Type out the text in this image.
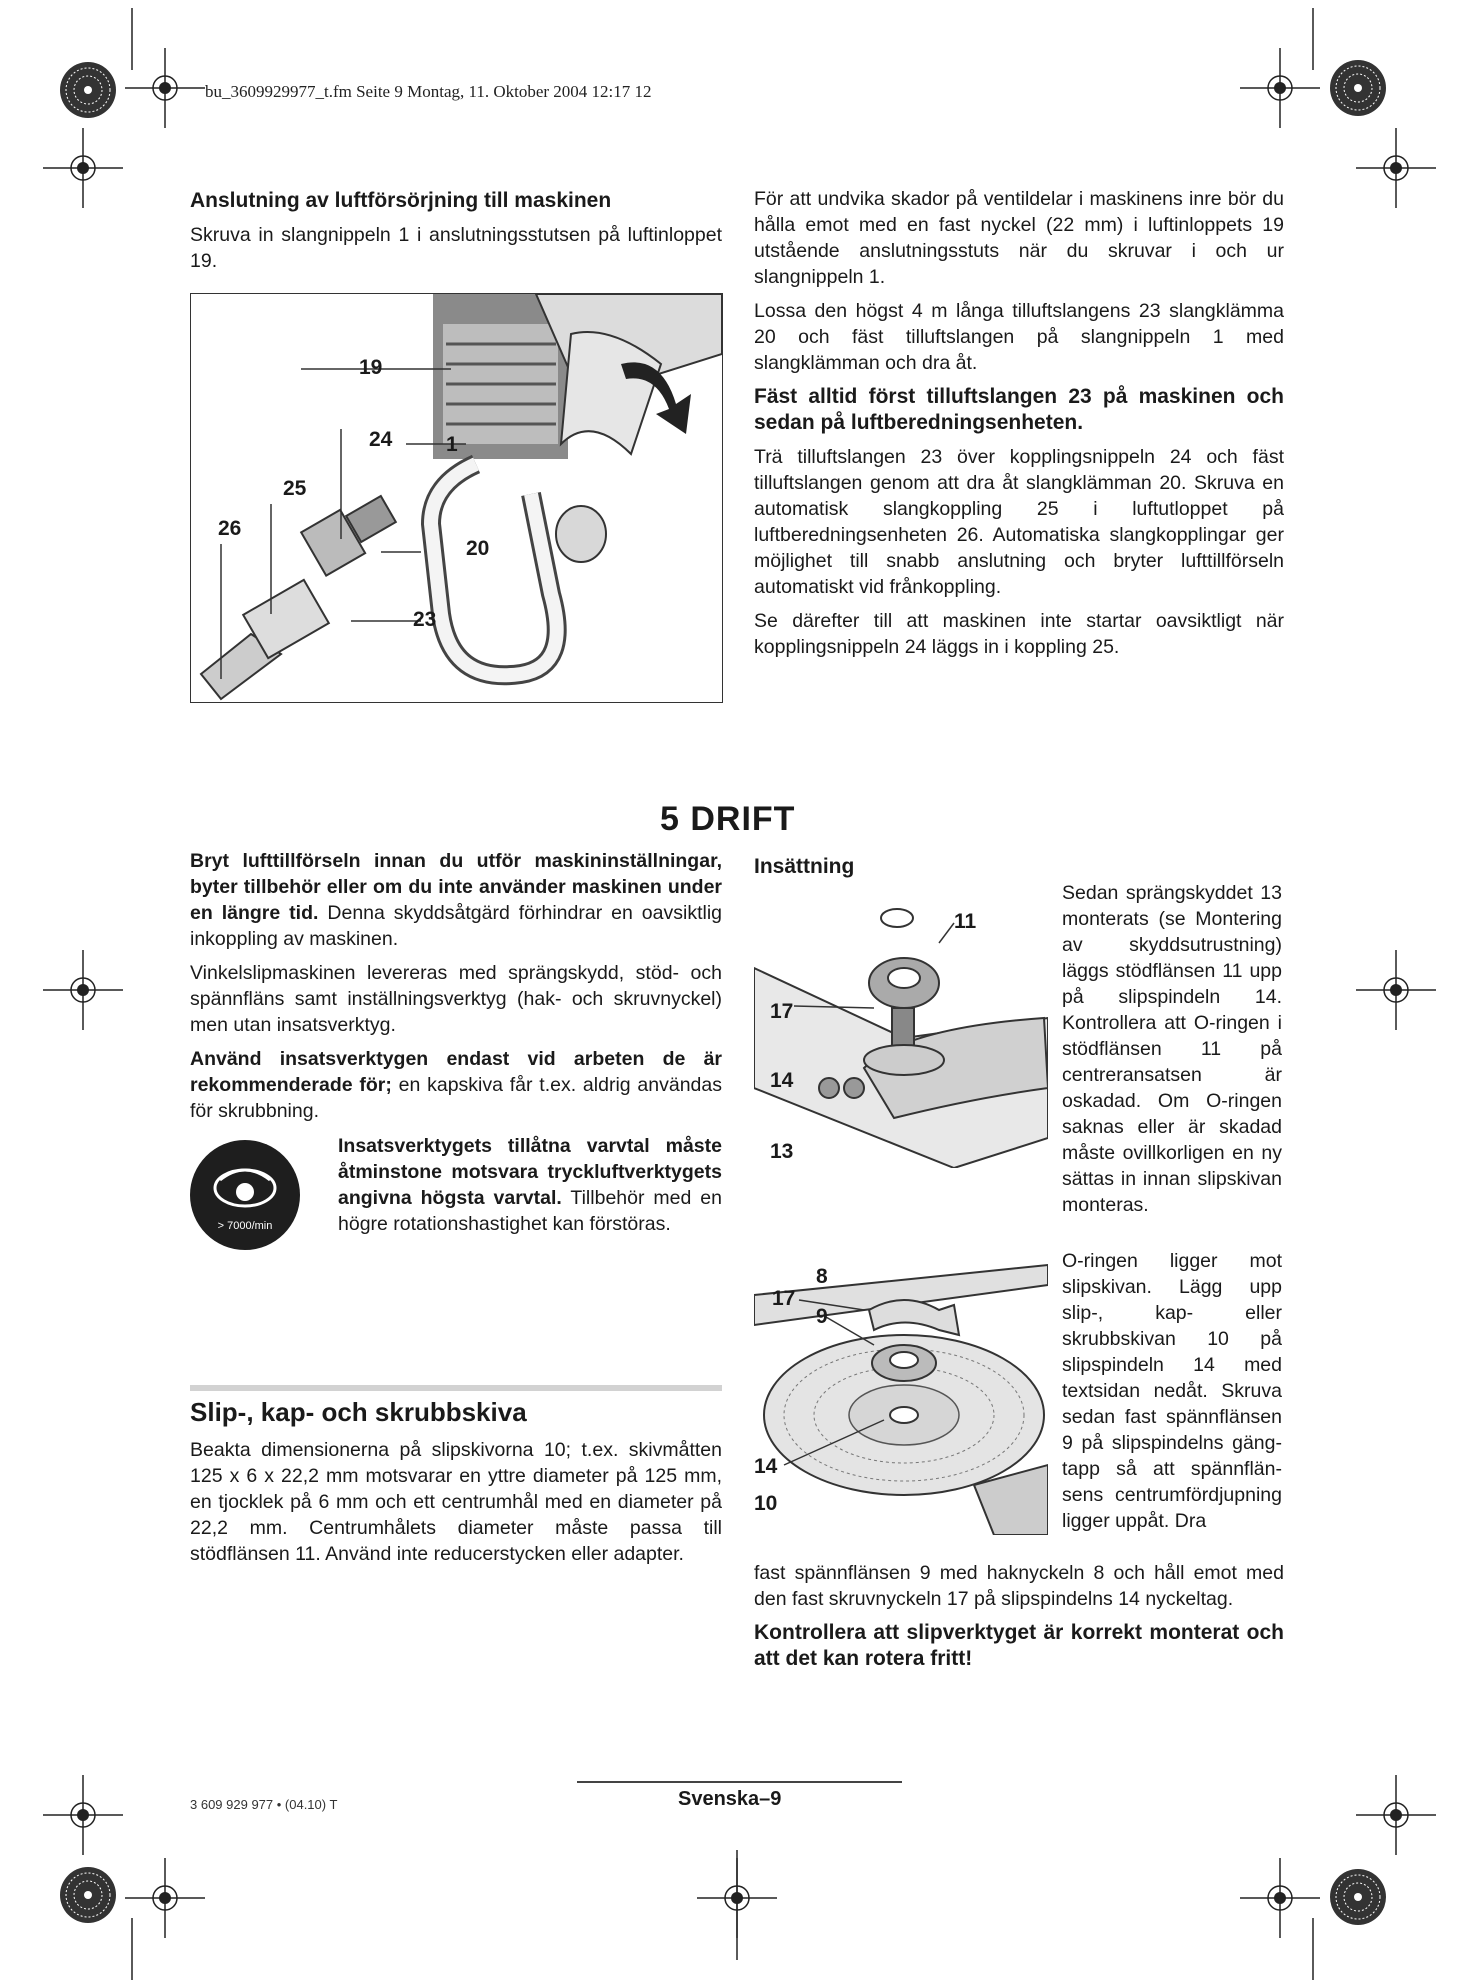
bu_3609929977_t.fm Seite 9 Montag, 11. Oktober 2004 12:17 12

Anslutning av luftförsörjning till maskinen

Skruva in slangnippeln 1 i anslutningsstutsen på luftinloppet 19.

19
24	1
25
26
20
23

För att undvika skador på ventildelar i maskinens inre bör du hålla emot med en fast nyckel (22 mm) i luftinloppets 19 utstående anslutningsstuts när du skruvar i och ur slangnippeln 1.

Lossa den högst 4 m långa tilluftslangens 23 slangklämma 20 och fäst tilluftslangen på slangnippeln 1 med slangklämman och dra åt.

Fäst alltid först tilluftslangen 23 på maskinen och sedan på luftberedningsenheten.

Trä tilluftslangen 23 över kopplingsnippeln 24 och fäst tilluftslangen genom att dra åt slangklämman 20. Skruva en automatisk slangkoppling 25 i luftutloppet på luftberedningsenheten 26. Automatiska slangkopplingar ger möjlighet till snabb anslutning och bryter lufttillförseln automatiskt vid frånkoppling.

Se därefter till att maskinen inte startar oavsiktligt när kopplingsnippeln 24 läggs in i koppling 25.

5 DRIFT

Bryt lufttillförseln innan du utför maskininställningar, byter tillbehör eller om du inte använder maskinen under en längre tid. Denna skyddsåtgärd förhindrar en oavsiktlig inkoppling av maskinen.

Vinkelslipmaskinen levereras med sprängskydd, stöd- och spännfläns samt inställningsverktyg (hak- och skruvnyckel) men utan insatsverktyg.

Använd insatsverktygen endast vid arbeten de är rekommenderade för; en kapskiva får t.ex. aldrig användas för skrubbning.

> 7000/min

Insatsverktygets tillåtna varvtal måste åtminstone motsvara tryckluftverktygets angivna högsta varvtal. Tillbehör med en högre rotationshastighet kan förstöras.

Slip-, kap- och skrubbskiva

Beakta dimensionerna på slipskivorna 10; t.ex. skivmåtten 125 x 6 x 22,2 mm motsvarar en yttre diameter på 125 mm, en tjocklek på 6 mm och ett centrumhål med en diameter på 22,2 mm. Centrumhålets diameter måste passa till stödflänsen 11. Använd inte reducerstycken eller adapter.

Insättning
11
17
14
13
8
17
9
14
10

Sedan sprängskyddet 13 monterats (se Montering av skyddsutrustning) läggs stödflänsen 11 upp på slipspindeln 14. Kontrollera att O-ringen i stödflänsen 11 på centreransatsen är oskadad. Om O-ringen saknas eller är skadad måste ovillkorligen en ny sättas in innan slipskivan monteras.

O-ringen ligger mot slipskivan. Lägg upp slip-, kap- eller skrubbskivan 10 på slipspindeln 14 med textsidan nedåt. Skruva sedan fast spännflänsen 9 på slipspindelns gängtapp så att spännflänsens centrumfördjupning ligger uppåt. Dra

fast spännflänsen 9 med haknyckeln 8 och håll emot med den fast skruvnyckeln 17 på slipspindelns 14 nyckeltag.

Kontrollera att slipverktyget är korrekt monterat och att det kan rotera fritt!

3 609 929 977 • (04.10) T	Svenska–9
